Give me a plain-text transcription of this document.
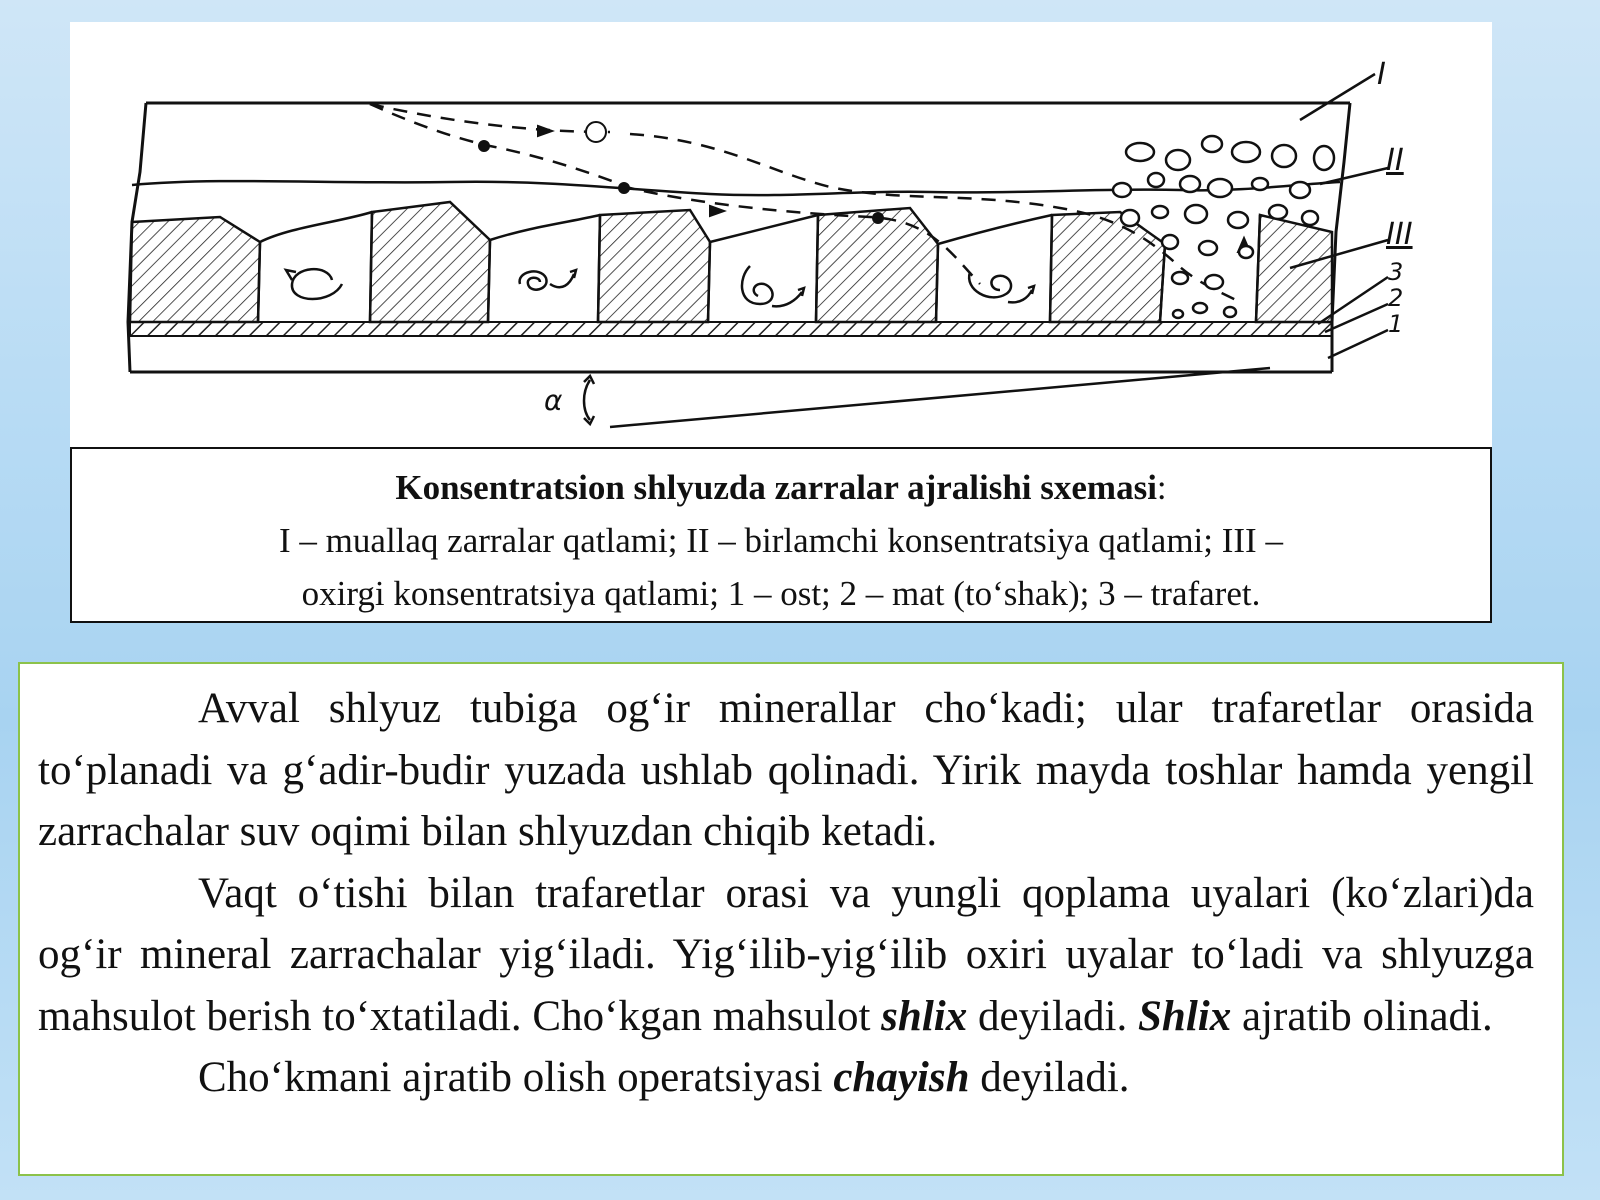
I
II
III
3
2
1
α
Konsentratsion shlyuzda zarralar ajralishi sxemasi:
I – muallaq zarralar qatlami; II – birlamchi konsentratsiya qatlami; III –
oxirgi konsentratsiya qatlami; 1 – ost; 2 – mat (to‘shak); 3 – trafaret.

Avval shlyuz tubiga og‘ir minerallar cho‘kadi; ular trafaretlar orasida to‘planadi va g‘adir-budir yuzada ushlab qolinadi. Yirik mayda toshlar hamda yengil zarrachalar suv oqimi bilan shlyuzdan chiqib ketadi.

Vaqt o‘tishi bilan trafaretlar orasi va yungli qoplama uyalari (ko‘zlari)da og‘ir mineral zarrachalar yig‘iladi. Yig‘ilib-yig‘ilib oxiri uyalar to‘ladi va shlyuzga mahsulot berish to‘xtatiladi. Cho‘kgan mahsulot shlix deyiladi. Shlix ajratib olinadi.

Cho‘kmani ajratib olish operatsiyasi chayish deyiladi.
